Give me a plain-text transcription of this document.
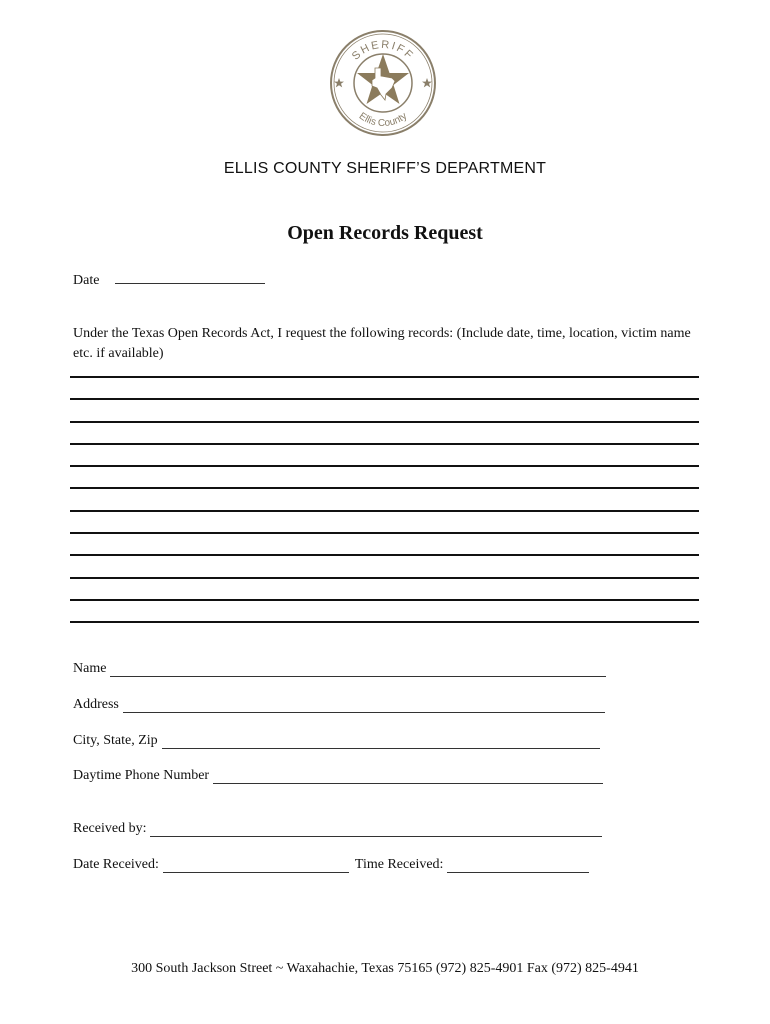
SHERIFF
Ellis County
ELLIS COUNTY SHERIFF’S DEPARTMENT
Open Records Request
Date
Under the Texas Open Records Act, I request the following records: (Include date, time, location, victim name etc. if available)
Name
Address
City, State, Zip
Daytime Phone Number
Received by:
Date Received:	Time Received:
300 South Jackson Street ~ Waxahachie, Texas 75165 (972) 825-4901 Fax (972) 825-4941
